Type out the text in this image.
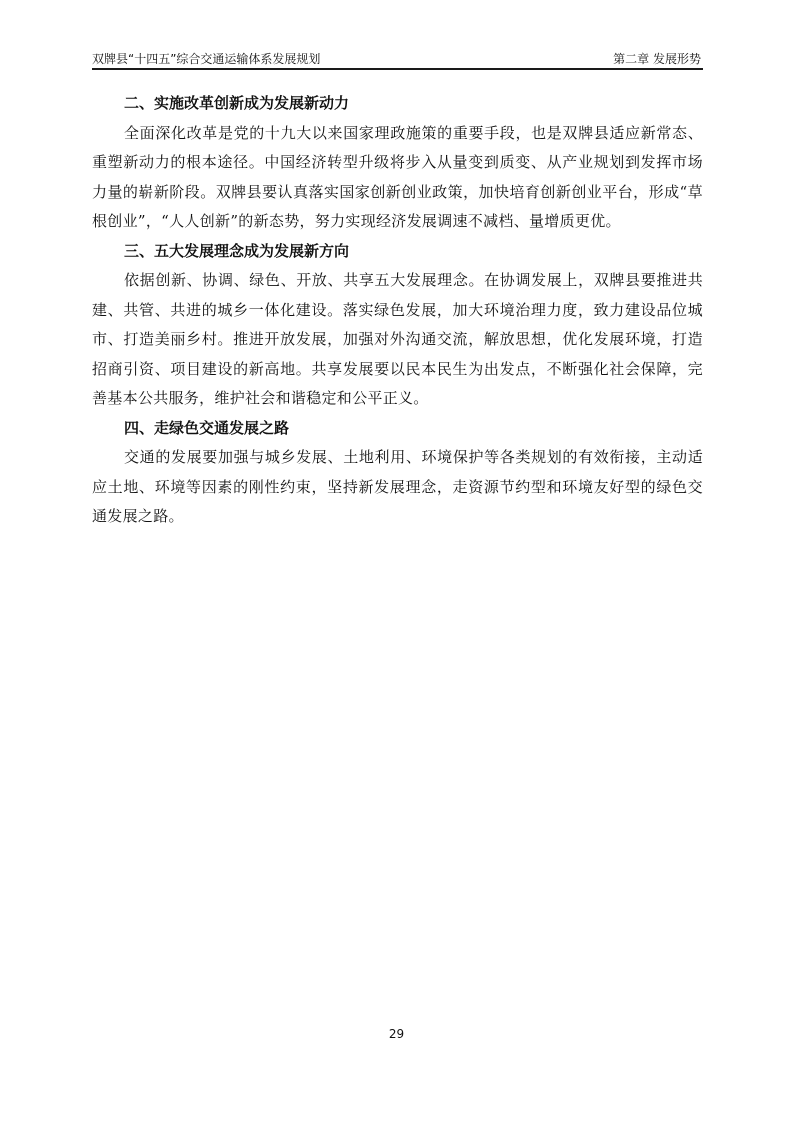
双牌县“十四五”综合交通运输体系发展规划	第二章 发展形势
二、实施改革创新成为发展新动力

全面深化改革是党的十九大以来国家理政施策的重要手段，也是双牌县适应新常态、重塑新动力的根本途径。中国经济转型升级将步入从量变到质变、从产业规划到发挥市场力量的崭新阶段。双牌县要认真落实国家创新创业政策，加快培育创新创业平台，形成“草根创业”，“人人创新”的新态势，努力实现经济发展调速不减档、量增质更优。

三、五大发展理念成为发展新方向

依据创新、协调、绿色、开放、共享五大发展理念。在协调发展上，双牌县要推进共建、共管、共进的城乡一体化建设。落实绿色发展，加大环境治理力度，致力建设品位城市、打造美丽乡村。推进开放发展，加强对外沟通交流，解放思想，优化发展环境，打造招商引资、项目建设的新高地。共享发展要以民本民生为出发点，不断强化社会保障，完善基本公共服务，维护社会和谐稳定和公平正义。

四、走绿色交通发展之路

交通的发展要加强与城乡发展、土地利用、环境保护等各类规划的有效衔接，主动适应土地、环境等因素的刚性约束，坚持新发展理念，走资源节约型和环境友好型的绿色交通发展之路。

29
